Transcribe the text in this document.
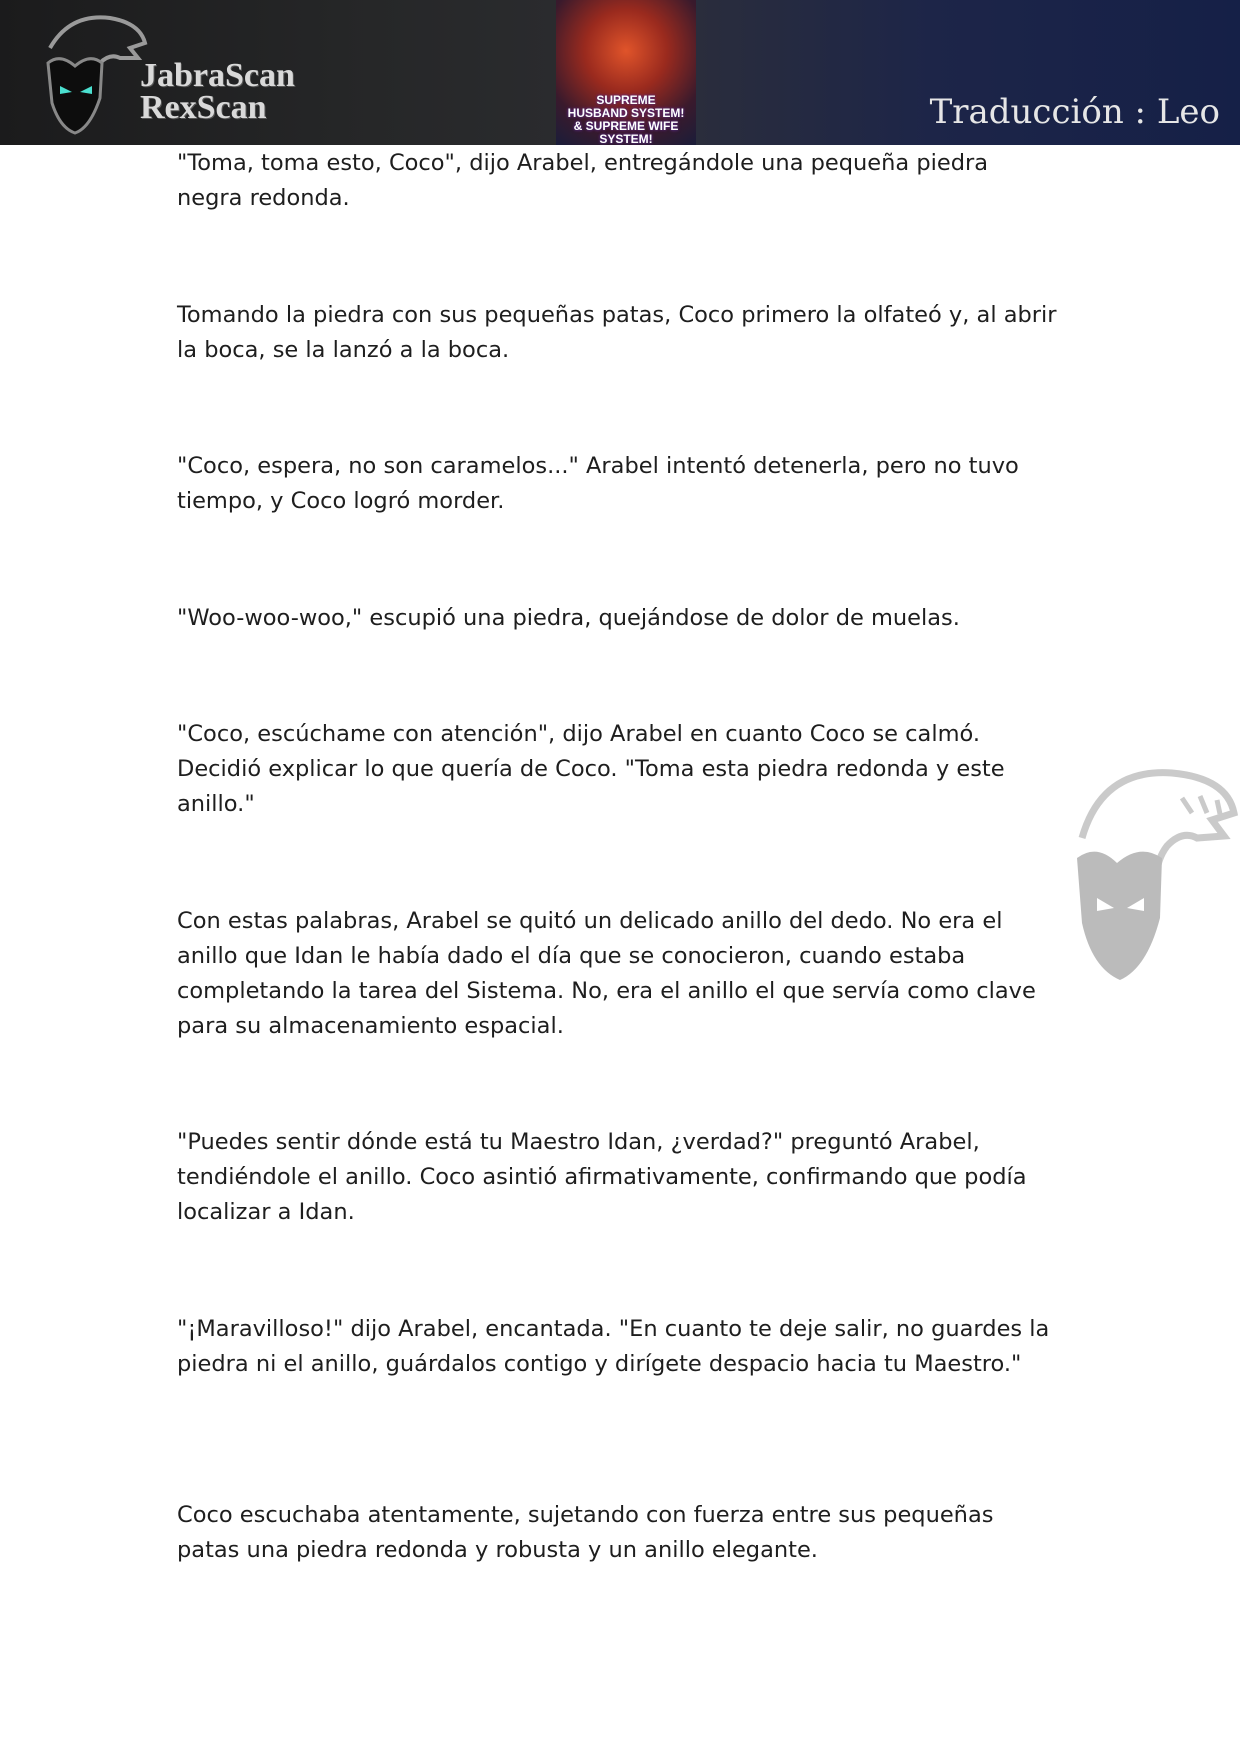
JabraScan
RexScan	SUPREME HUSBAND SYSTEM! & SUPREME WIFE SYSTEM!
Traducción : Leo

"Toma, toma esto, Coco", dijo Arabel, entregándole una pequeña piedra negra redonda.

Tomando la piedra con sus pequeñas patas, Coco primero la olfateó y, al abrir la boca, se la lanzó a la boca.

"Coco, espera, no son caramelos..." Arabel intentó detenerla, pero no tuvo tiempo, y Coco logró morder.

"Woo-woo-woo," escupió una piedra, quejándose de dolor de muelas.

"Coco, escúchame con atención", dijo Arabel en cuanto Coco se calmó. Decidió explicar lo que quería de Coco. "Toma esta piedra redonda y este anillo."

Con estas palabras, Arabel se quitó un delicado anillo del dedo. No era el anillo que Idan le había dado el día que se conocieron, cuando estaba completando la tarea del Sistema. No, era el anillo el que servía como clave para su almacenamiento espacial.

"Puedes sentir dónde está tu Maestro Idan, ¿verdad?" preguntó Arabel, tendiéndole el anillo. Coco asintió afirmativamente, confirmando que podía localizar a Idan.

"¡Maravilloso!" dijo Arabel, encantada. "En cuanto te deje salir, no guardes la piedra ni el anillo, guárdalos contigo y dirígete despacio hacia tu Maestro."

Coco escuchaba atentamente, sujetando con fuerza entre sus pequeñas patas una piedra redonda y robusta y un anillo elegante.
